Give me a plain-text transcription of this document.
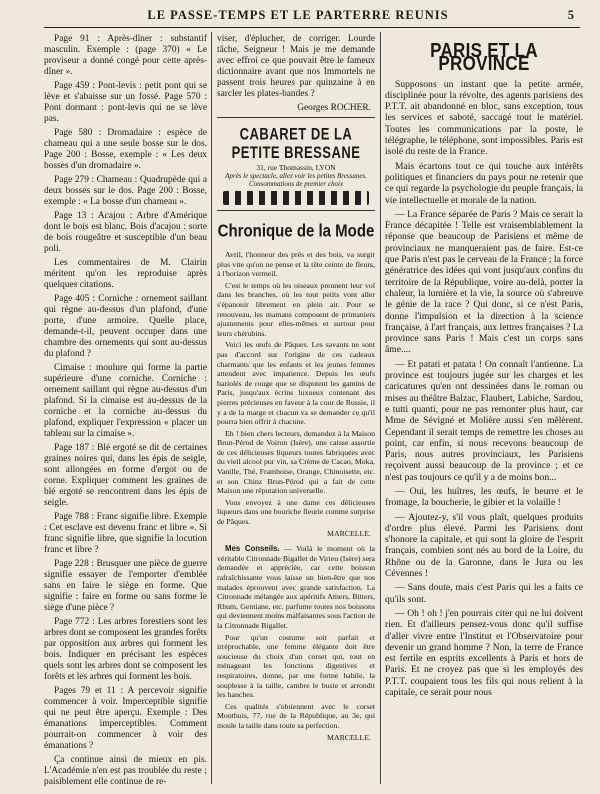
LE PASSE-TEMPS ET LE PARTERRE REUNIS	5

Page 91 : Après-dîner : substantif masculin. Exemple : (page 370) « Le proviseur a donné congé pour cette après-dîner ».

Page 459 : Pont-levis : petit pont qui se lève et s'abaisse sur un fossé. Page 570 : Pont dormant : pont-levis qui ne se lève pas.

Page 580 : Dromadaire : espèce de chameau qui a une seule bosse sur le dos. Page 200 : Bosse, exemple : « Les deux bosses d'un dromadaire ».

Page 279 : Chameau : Quadrupède qui a deux bosses sur le dos. Page 200 : Bosse, exemple : « La bosse d'un chameau ».

Page 13 : Acajou : Arbre d'Amérique dont le bois est blanc. Bois d'acajou : sorte de bois rougeâtre et susceptible d'un beau poli.

Les commentaires de M. Clairin méritent qu'on les reproduise après quelques citations.

Page 405 : Corniche : ornement saillant qui règne au-dessus d'un plafond, d'une porte, d'une armoire. Quelle place, demande-t-il, peuvent occuper dans une chambre des ornements qui sont au-dessus du plafond ?

Cimaise : moulure qui forme la partie supérieure d'une corniche. Corniche : ornement saillant qui règne au-dessus d'un plafond. Si la cimaise est au-dessus de la corniche et la corniche au-dessus du plafond, expliquer l'expression « placer un tableau sur la cimaise ».

Page 187 : Blé ergoté se dit de certaines graines noires qui, dans les épis de seigle, sont allongées en forme d'ergot ou de corne. Expliquer comment les graines de blé ergoté se rencontrent dans les épis de seigle.

Page 788 : Franc signifie libre. Exemple : Cet esclave est devenu franc et libre ». Si franc signifie libre, que signifie la locution franc et libre ?

Page 228 : Brusquer une pièce de guerre signifie essayer de l'emporter d'emblée sans en faire le siège en forme. Que signifie : faire en forme ou sans forme le siège d'une pièce ?

Page 772 : Les arbres forestiers sont les arbres dont se composent les grandes forêts par opposition aux arbres qui forment les bois. Indiquer en précisant les espèces quels sont les arbres dont se composent les forêts et les arbres qui forment les bois.

Pages 79 et 11 : A percevoir signifie commencer à voir. Imperceptible signifie qui ne peut être aperçu. Exemple : Des émanations imperceptibles. Comment pourrait-on commencer à voir des émanations ?

Ça continue ainsi de mieux en pis. L'Académie n'en est pas troublée du reste ; paisiblement elle continue de re-

viser, d'éplucher, de corriger. Lourde tâche, Seigneur ! Mais je me demande avec effroi ce que pouvait être le fameux dictionnaire avant que nos Immortels ne passent trois heures par quinzaine à en sarcler les plates-bandes ?

Georges ROCHER.
CABARET DE LA PETITE BRESSANE
31, rue Thomassin, LYON
Après le spectacle, allez voir les petites Bressanes.
Consommations de premier choix
Chronique de la Mode

Avril, l'honneur des prés et des bois, va surgir plus vite qu'on ne pense et la tête ceinte de fleurs, à l'horizon vermeil.

C'est le temps où les oiseaux prennent leur vol dans les branches, où les tout petits vont aller s'épanouir librement en plein air. Pour se renouveau, les mamans composent de printaniers ajustements pour elles-mêmes et surtout pour leurs chérubins.

Voici les œufs de Pâques. Les savants ne sont pas d'accord sur l'origine de ces cadeaux charmants que les enfants et les jeunes femmes attendent avec impatience. Depuis les œufs bariolés de rouge que se disputent les gamins de Paris, jusqu'aux écrins luxueux contenant des pierres précieuses en faveur à la cour de Russie, il y a de la marge et chacun va se demander ce qu'il pourra bien offrir à chacune.

Eh ! bien chers lecteurs, demandez à la Maison Brun-Pérod de Voiron (Isère), une caisse assortie de ces délicieuses liqueurs toutes fabriquées avec du vieil alcool pur vin, sa Crème de Cacao, Moka, Vanille, Thé, Framboise, Orange, Chinoisette, etc. et son Chinz Brun-Pérod qui a fait de cette Maison une réputation universelle.

Vous envoyez à une dame ces délicieuses liqueurs dans une bouriche fleurie comme surprise de Pâques.

MARCELLE.

Mes Conseils. — Voilà le moment où la véritable Citronnade Bigallet de Virieu (Isère) sera demandée et appréciée, car cette boisson rafraîchissante vous laisse un bien-être que nos malades éprouvent avec grande satisfaction. La Citronnade mélangée aux apéritifs Amers, Bitters, Rhum, Gentiane, etc. parfume toutes nos boissons qui deviennent moins malfaisantes sous l'action de la Citronnade Bigallet.

Pour qu'un costume soit parfait et irréprochable, une femme élégante doit être soucieuse du choix d'un corset qui, tout en ménageant les fonctions digestives et respiratoires, donne, par une forme habile, la souplesse à la taille, cambre le buste et arrondit les hanches.

Ces qualités s'obtiennent avec le corset Monthuis, 77, rue de la République, au 3e, qui moule la taille dans toute sa perfection.

MARCELLE.
PARIS ET LA PROVINCE

Supposons un instant que la petite armée, disciplinée pour la révolte, des agents parisiens des P.T.T. ait abandonné en bloc, sans exception, tous les services et saboté, saccagé tout le matériel. Toutes les communications par la poste, le télégraphe, le téléphone, sont impossibles. Paris est isolé du reste de la France.

Mais écartons tout ce qui touche aux intérêts politiques et financiers du pays pour ne retenir que ce qui regarde la psychologie du peuple français, la vie intellectuelle et morale de la nation.

— La France séparée de Paris ? Mais ce serait la France décapitée ! Telle est vraisemblablement la réponse que beaucoup de Parisiens et même de provinciaux ne manqueraient pas de faire. Est-ce que Paris n'est pas le cerveau de la France ; la force génératrice des idées qui vont jusqu'aux confins du territoire de la République, voire au-delà, porter la chaleur, la lumière et la vie, la source où s'abreuve le génie de la race ? Qui donc, si ce n'est Paris, donne l'impulsion et la direction à la science française, à l'art français, aux lettres françaises ? La province sans Paris ! Mais c'est un corps sans âme....

— Et patati et patata ! On connaît l'antienne. La province est toujours jugée sur les charges et les caricatures qu'en ont dessinées dans le roman ou mises au théâtre Balzac, Flaubert, Labiche, Sardou, e tutti quanti, pour ne pas remonter plus haut, car Mme de Sévigné et Molière aussi s'en mêlèrent. Cependant il serait temps de remettre les choses au point, car enfin, si nous recevons beaucoup de Paris, nous autres provinciaux, les Parisiens reçoivent aussi beaucoup de la province ; et ce n'est pas toujours ce qu'il y a de moins bon...

— Oui, les huîtres, les œufs, le beurre et le fromage, la boucherie, le gibier et la volaille !

— Ajoutez-y, s'il vous plaît, quelques produits d'ordre plus élevé. Parmi les Parisiens dont s'honore la capitale, et qui sont la gloire de l'esprit français, combien sont nés au bord de la Loire, du Rhône ou de la Garonne, dans le Jura ou les Cévennes !

— Sans doute, mais c'est Paris qui les a faits ce qu'ils sont.

— Oh ! oh ! j'en pourrais citer qui ne lui doivent rien. Et d'ailleurs pensez-vous donc qu'il suffise d'aller vivre entre l'Institut et l'Observatoire pour devenir un grand homme ? Non, la terre de France est fertile en esprits excellents à Paris et hors de Paris. Et ne croyez pas que si les employés des P.T.T. coupaient tous les fils qui nous relient à la capitale, ce serait pour nous
